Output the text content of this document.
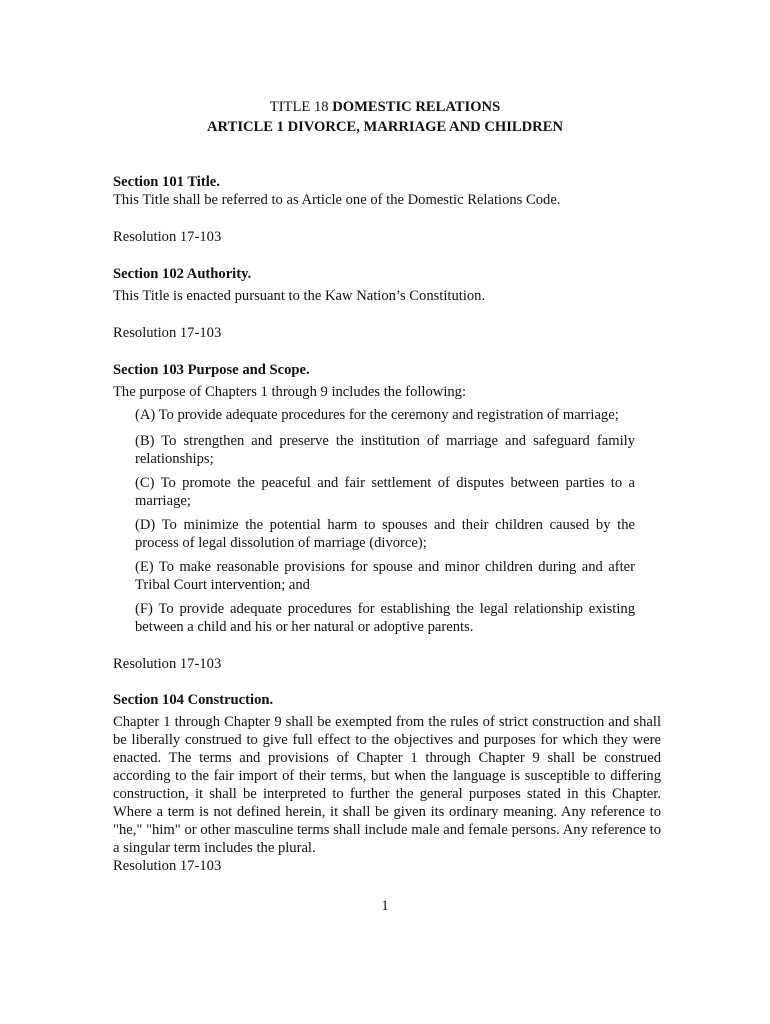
TITLE 18 DOMESTIC RELATIONS
ARTICLE 1 DIVORCE, MARRIAGE AND CHILDREN

Section 101 Title.

This Title shall be referred to as Article one of the Domestic Relations Code.

Resolution 17-103

Section 102 Authority.

This Title is enacted pursuant to the Kaw Nation’s Constitution.

Resolution 17-103

Section 103 Purpose and Scope.

The purpose of Chapters 1 through 9 includes the following:

(A) To provide adequate procedures for the ceremony and registration of marriage;
(B) To strengthen and preserve the institution of marriage and safeguard family relationships;
(C) To promote the peaceful and fair settlement of disputes between parties to a marriage;
(D) To minimize the potential harm to spouses and their children caused by the process of legal dissolution of marriage (divorce);
(E) To make reasonable provisions for spouse and minor children during and after Tribal Court intervention; and
(F) To provide adequate procedures for establishing the legal relationship existing between a child and his or her natural or adoptive parents.
Resolution 17-103

Section 104 Construction.

Chapter 1 through Chapter 9 shall be exempted from the rules of strict construction and shall be liberally construed to give full effect to the objectives and purposes for which they were enacted. The terms and provisions of Chapter 1 through Chapter 9 shall be construed according to the fair import of their terms, but when the language is susceptible to differing construction, it shall be interpreted to further the general purposes stated in this Chapter. Where a term is not defined herein, it shall be given its ordinary meaning. Any reference to "he," "him" or other masculine terms shall include male and female persons. Any reference to a singular term includes the plural.

Resolution 17-103

1
